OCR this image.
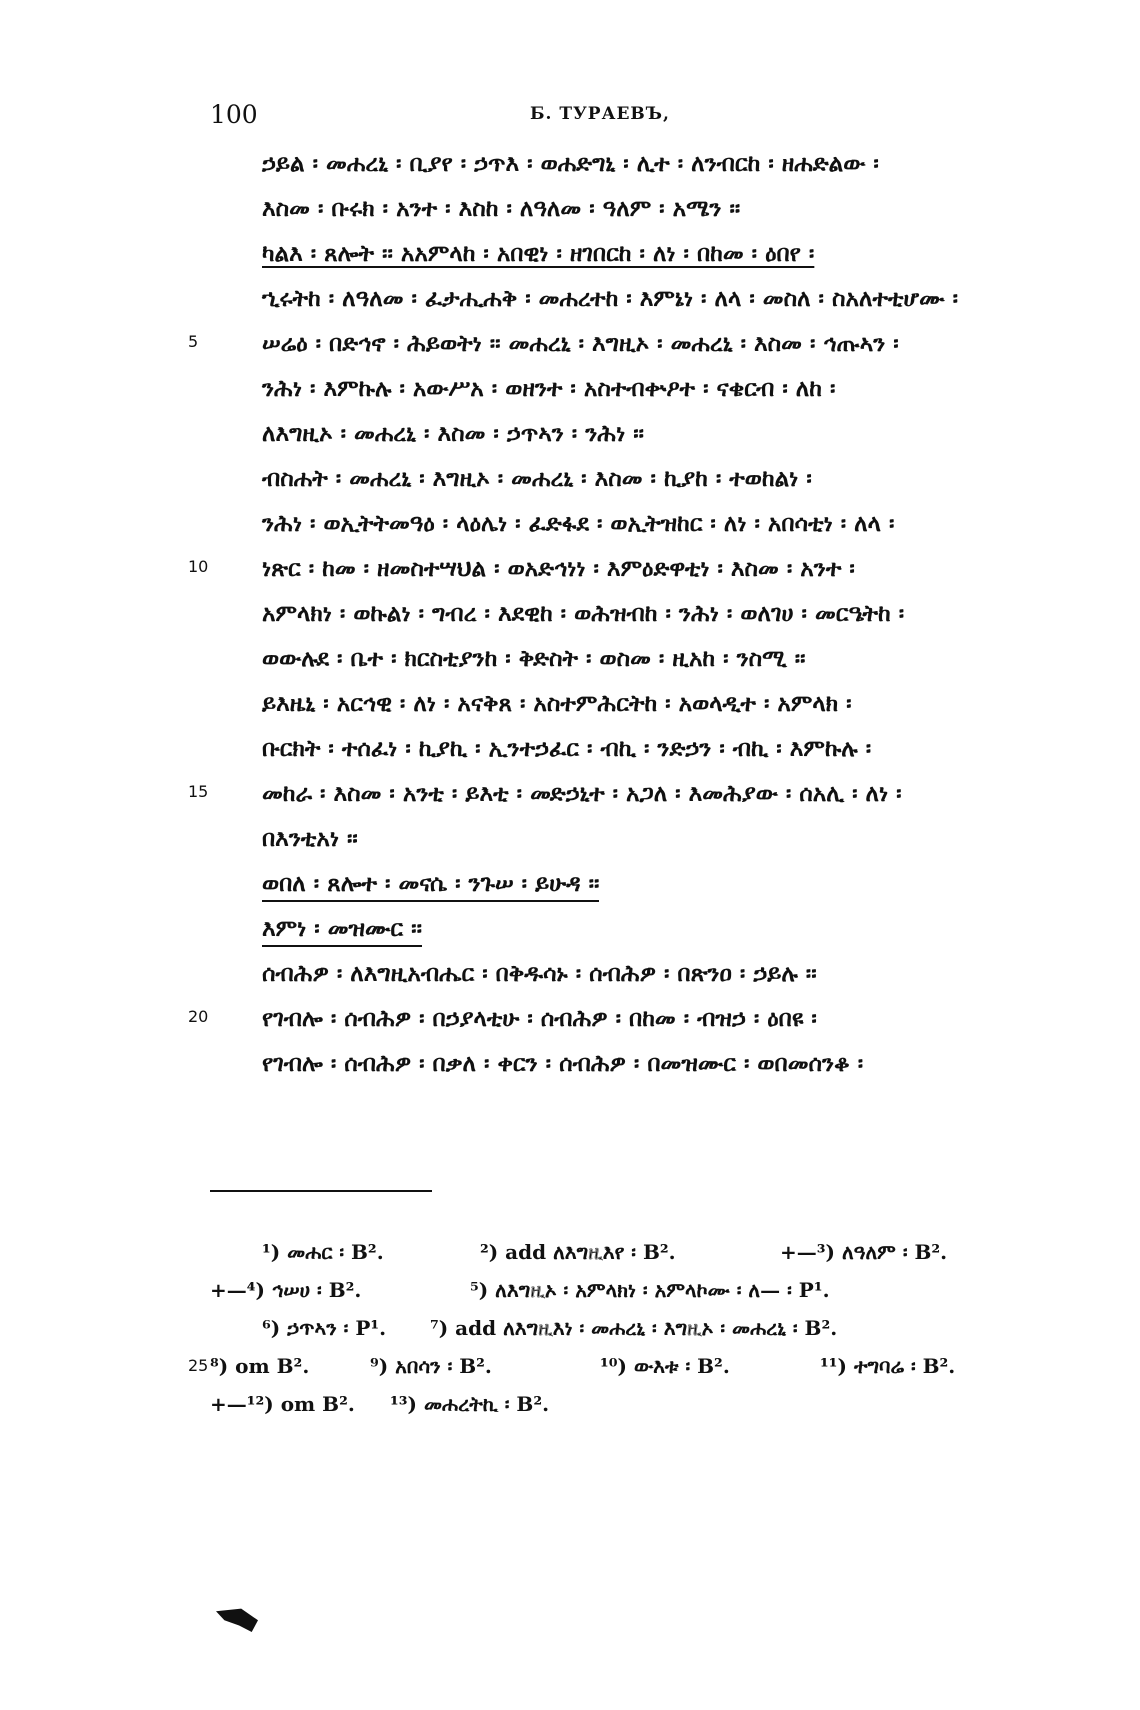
100	Б. ТУРАЕВЪ,
ኃይል ፡ መሐረኒ ፡ ቢያየ ፡ ኃጥእ ፡ ወሐድግኒ ፡ ሊተ ፡ ለንብርከ ፡ ዘሐድልው ፡
እስመ ፡ ቡሩክ ፡ አንተ ፡ እስከ ፡ ለዓለመ ፡ ዓለም ፡ አሜን ።
ካልእ ፡ ጸሎት ፡፡ አአምላከ ፡ አበዊነ ፡ ዘገበርከ ፡ ለነ ፡ በከመ ፡ ዕበየ ፡
ኂሩትከ ፡ ለዓለመ ፡ ፈታሒሐቅ ፡ መሐረተከ ፡ እምኔነ ፡ ለላ ፡ መስለ ፡ ስአለተቲሆሙ ፡
5	ሠሬዕ ፡ በድኅኖ ፡ ሕይወትነ ፡፡ መሐረኒ ፡ እግዚኦ ፡ መሐረኒ ፡ እስመ ፡ ኅጡኣን ፡
ንሕነ ፡ እምኩሉ ፡ አውሥአ ፡ ወዘንተ ፡ አስተብቍዖተ ፡ ናቄርብ ፡ ለከ ፡
ለእግዚኦ ፡ መሐረኒ ፡ እስመ ፡ ኃጥኣን ፡ ንሕነ ።
ብስሐት ፡ መሐረኒ ፡ እግዚኦ ፡ መሐረኒ ፡ እስመ ፡ ኪያከ ፡ ተወከልነ ፡
ንሕነ ፡ ወኢትትመዓዕ ፡ ላዕሌነ ፡ ፈድፋደ ፡ ወኢትዝከር ፡ ለነ ፡ አበሳቲነ ፡ ለላ ፡
10 ነጽር ፡ ከመ ፡ ዘመስተሣህል ፡ ወአድኅነነ ፡ እምዕድዋቲነ ፡ እስመ ፡ አንተ ፡
አምላክነ ፡ ወኩልነ ፡ ግብረ ፡ እደዊከ ፡ ወሕዝብከ ፡ ንሕነ ፡ ወለገሀ ፡ መርዔትከ ፡
ወውሉደ ፡ ቤተ ፡ ክርስቲያንከ ፡ ቅድስት ፡ ወስመ ፡ ዚአከ ፡ ንስሚ ።
ይእዜኒ ፡ አርኅዊ ፡ ለነ ፡ አናቅጸ ፡ አስተምሕርትከ ፡ አወላዲተ ፡ አምላክ ፡
ቡርክት ፡ ተሰፈነ ፡ ኪያኪ ፡ ኢንተኃፈር ፡ ብኪ ፡ ንድኃን ፡ ብኪ ፡ እምኩሉ ፡
15 መከራ ፡ እስመ ፡ አንቲ ፡ ይእቲ ፡ መድኃኒተ ፡ አጋለ ፡ እመሕያው ፡ ሰአሊ ፡ ለነ ፡
በእንቲአነ ።
ወበለ ፡ ጸሎተ ፡ መናሴ ፡ ንጉሠ ፡ ይሁዳ ፡፡
እምነ ፡ መዝሙር ፡፡
ሰብሕዎ ፡ ለእግዚአብሔር ፡ በቅዱሳኑ ፡ ሰብሕዎ ፡ በጽንዐ ፡ ኃይሉ ፡፡
20 የገብሎ ፡ ሰብሕዎ ፡ በኃያላቲሁ ፡ ሰብሕዎ ፡ በከመ ፡ ብዝኃ ፡ ዕበዩ ፡
የገብሎ ፡ ሰብሕዎ ፡ በቃለ ፡ ቀርን ፡ ሰብሕዎ ፡ በመዝሙር ፡ ወበመሰንቆ ፡
¹) መሐር ፡ B².	²) add ለእግዚእየ ፡ B².	+—³) ለዓለም ፡ B².
+—⁴) ኅሠሀ ፡ B².	⁵) ለእግዚኦ ፡ አምላክነ ፡ አምላኮሙ ፡ ለ— ፡ P¹.
⁶) ኃጥኣን ፡ P¹. ⁷) add ለእግዚእነ ፡ መሐረኒ ፡ እግዚኦ ፡ መሐረኒ ፡ B².
25 ⁸) om B².	⁹) አበሳን ፡ B².	¹⁰) ውእቱ ፡ B².	¹¹) ተግባሬ ፡ B².
+—¹²) om B². ¹³) መሐረትኪ ፡ B².
